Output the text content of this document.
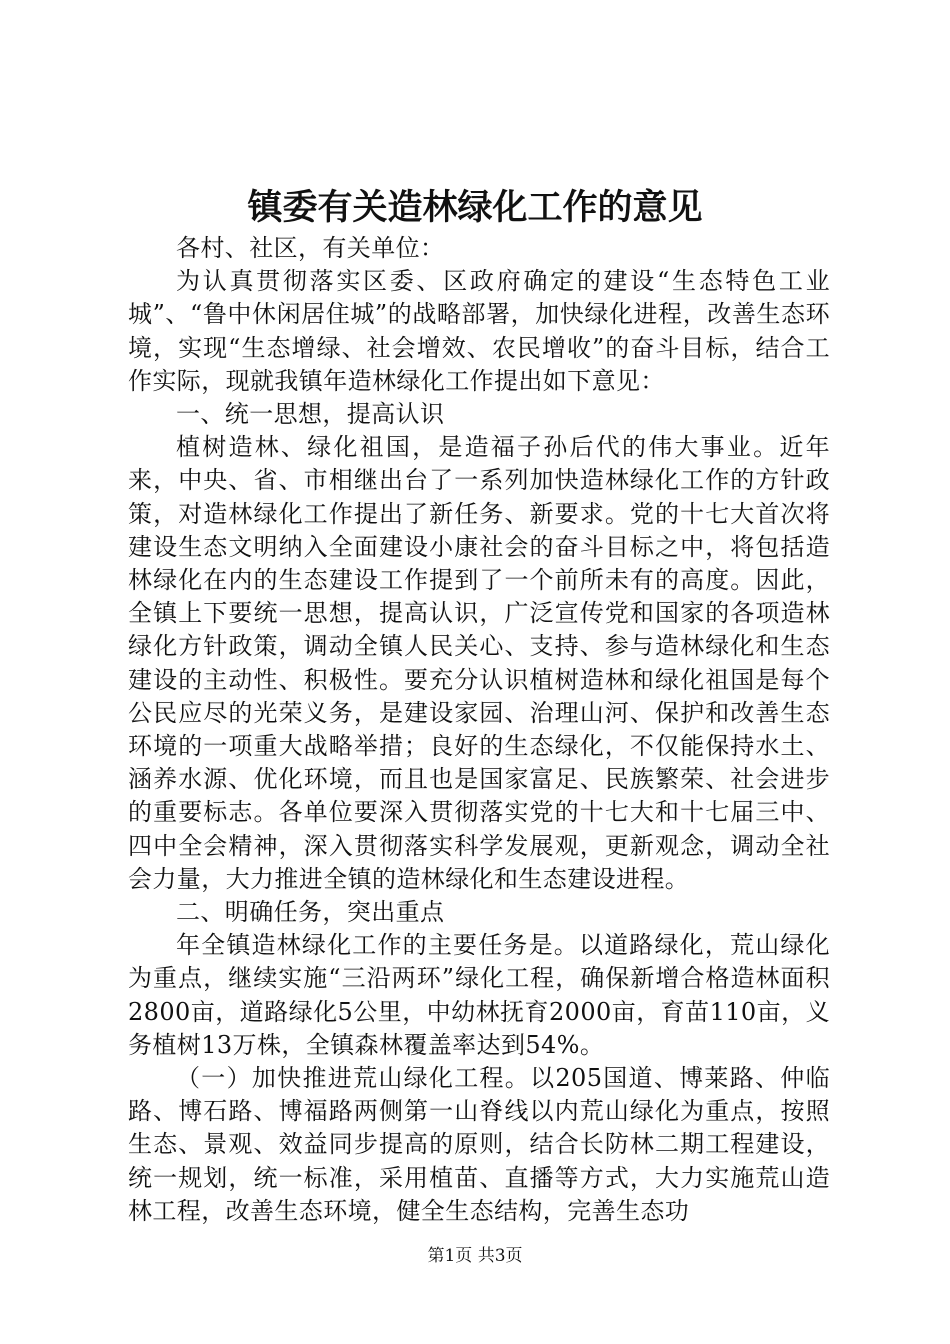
镇委有关造林绿化工作的意见

各村、社区，有关单位：

为认真贯彻落实区委、区政府确定的建设“生态特色工业城”、“鲁中休闲居住城”的战略部署，加快绿化进程，改善生态环境，实现“生态增绿、社会增效、农民增收”的奋斗目标，结合工作实际，现就我镇年造林绿化工作提出如下意见：

一、统一思想，提高认识

植树造林、绿化祖国，是造福子孙后代的伟大事业。近年来，中央、省、市相继出台了一系列加快造林绿化工作的方针政策，对造林绿化工作提出了新任务、新要求。党的十七大首次将建设生态文明纳入全面建设小康社会的奋斗目标之中，将包括造林绿化在内的生态建设工作提到了一个前所未有的高度。因此，全镇上下要统一思想，提高认识，广泛宣传党和国家的各项造林绿化方针政策，调动全镇人民关心、支持、参与造林绿化和生态建设的主动性、积极性。要充分认识植树造林和绿化祖国是每个公民应尽的光荣义务，是建设家园、治理山河、保护和改善生态环境的一项重大战略举措；良好的生态绿化，不仅能保持水土、涵养水源、优化环境，而且也是国家富足、民族繁荣、社会进步的重要标志。各单位要深入贯彻落实党的十七大和十七届三中、四中全会精神，深入贯彻落实科学发展观，更新观念，调动全社会力量，大力推进全镇的造林绿化和生态建设进程。

二、明确任务，突出重点

年全镇造林绿化工作的主要任务是。以道路绿化，荒山绿化为重点，继续实施“三沿两环”绿化工程，确保新增合格造林面积2800亩，道路绿化5公里，中幼林抚育2000亩，育苗110亩，义务植树13万株，全镇森林覆盖率达到54%。

（一）加快推进荒山绿化工程。以205国道、博莱路、仲临路、博石路、博福路两侧第一山脊线以内荒山绿化为重点，按照生态、景观、效益同步提高的原则，结合长防林二期工程建设，统一规划，统一标准，采用植苗、直播等方式，大力实施荒山造林工程，改善生态环境，健全生态结构，完善生态功

第1页 共3页
